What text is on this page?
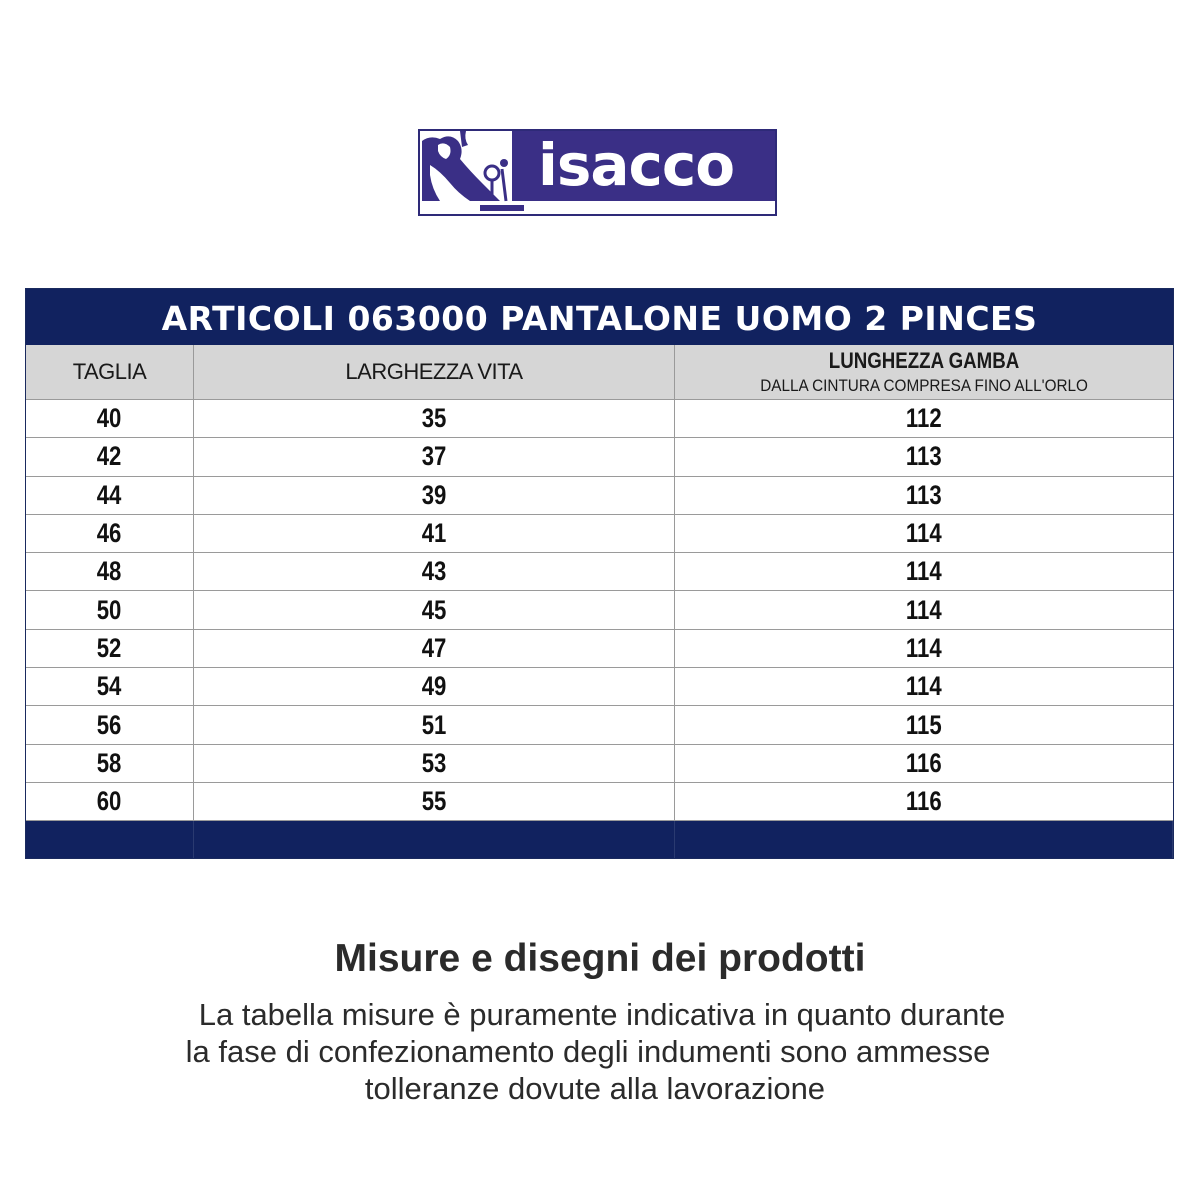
isacco
ARTICOLI 063000 PANTALONE UOMO 2 PINCES
TAGLIA	LARGHEZZA VITA	LUNGHEZZA GAMBA
DALLA CINTURA COMPRESA FINO ALL'ORLO
40	35	112
42	37	113
44	39	113
46	41	114
48	43	114
50	45	114
52	47	114
54	49	114
56	51	115
58	53	116
60	55	116
Misure e disegni dei prodotti
La tabella misure è puramente indicativa in quanto durante
la fase di confezionamento degli indumenti sono ammesse
tolleranze dovute alla lavorazione
